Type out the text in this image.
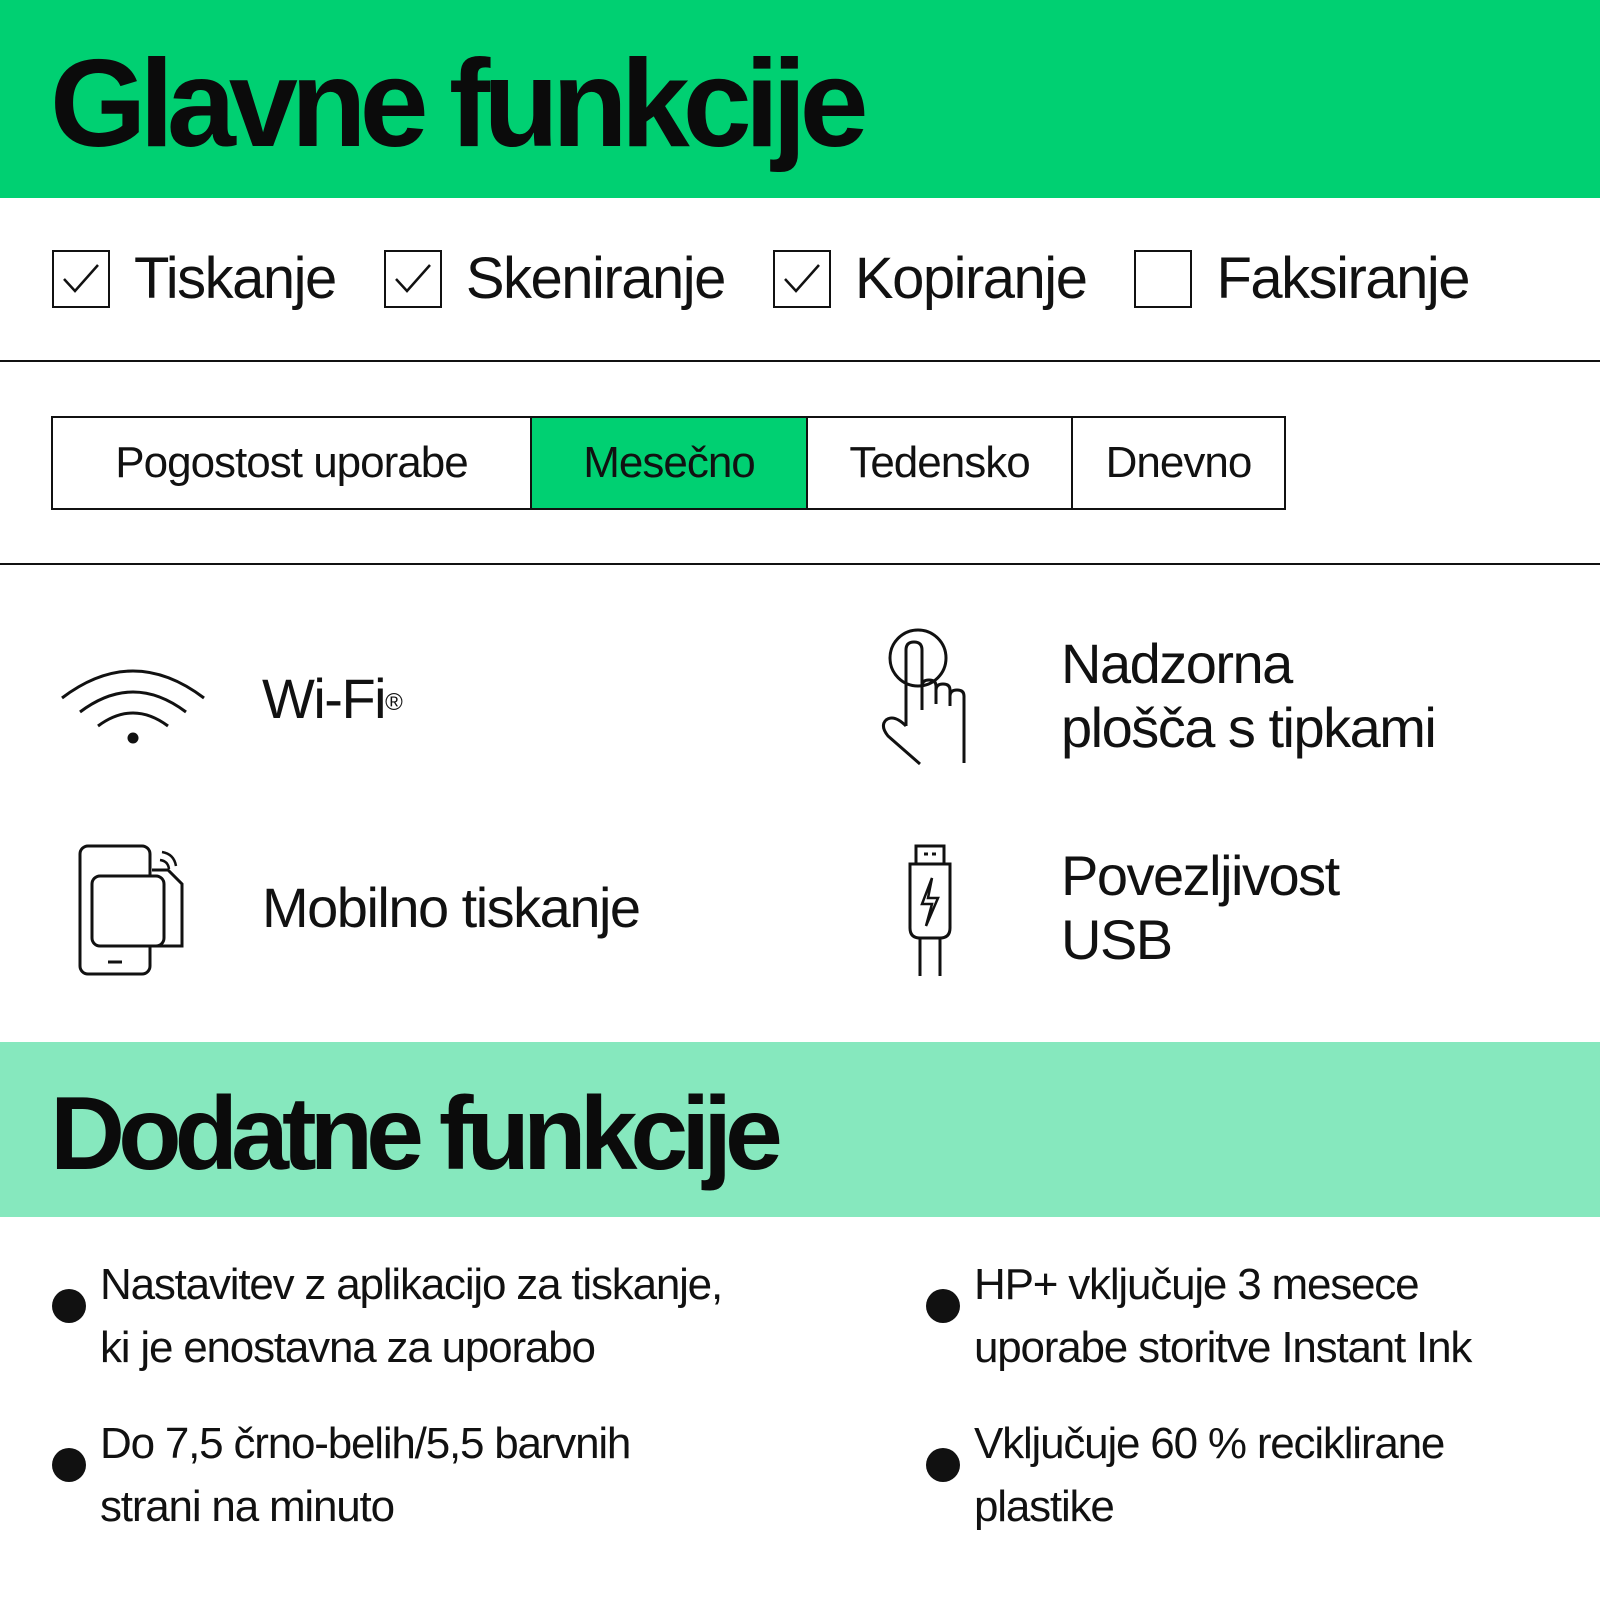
Glavne funkcije
Tiskanje Skeniranje Kopiranje Faksiranje
Pogostost uporabe	Mesečno	Tedensko	Dnevno
Wi-Fi®
Nadzorna
plošča s tipkami
Mobilno tiskanje
Povezljivost
USB
Dodatne funkcije
Nastavitev z aplikacijo za tiskanje,
ki je enostavna za uporabo
HP+ vključuje 3 mesece
uporabe storitve Instant Ink
Do 7,5 črno-belih/5,5 barvnih
strani na minuto
Vključuje 60 % reciklirane
plastike
